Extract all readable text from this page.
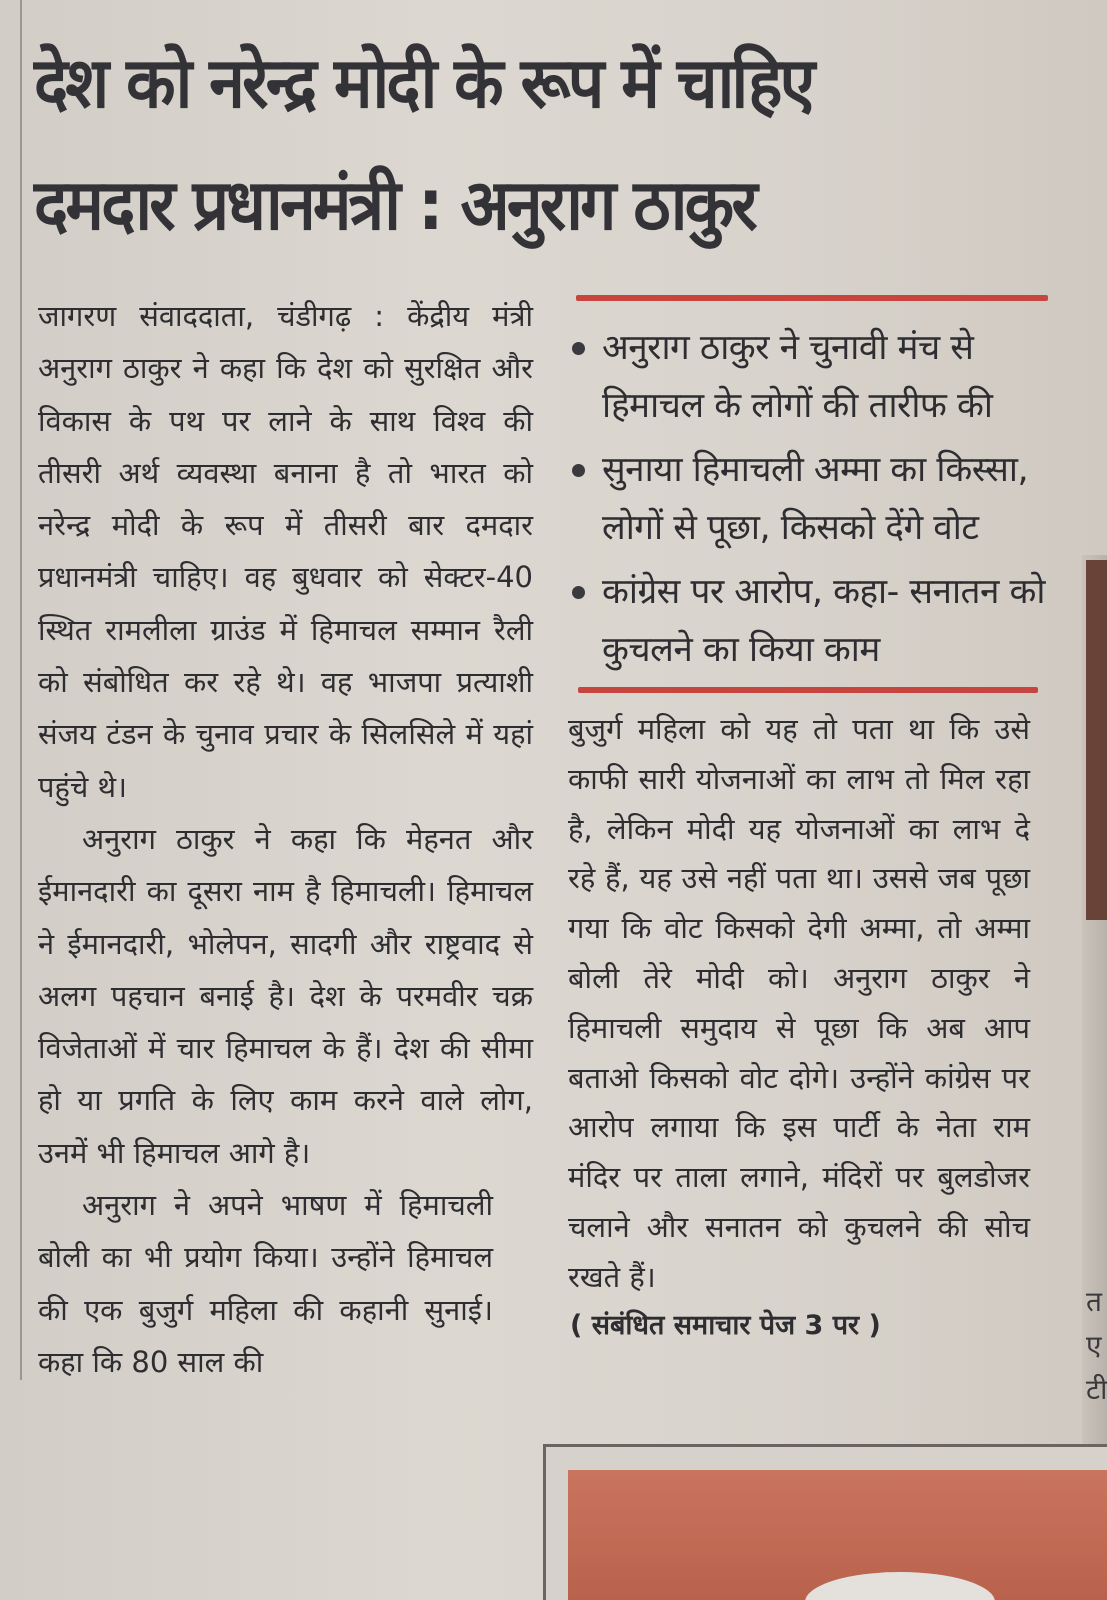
देश को नरेन्द्र मोदी के रूप में चाहिए
दमदार प्रधानमंत्री : अनुराग ठाकुर

जागरण संवाददाता, चंडीगढ़ : केंद्रीय मंत्री अनुराग ठाकुर ने कहा कि देश को सुरक्षित और विकास के पथ पर लाने के साथ विश्व की तीसरी अर्थ व्यवस्था बनाना है तो भारत को नरेन्द्र मोदी के रूप में तीसरी बार दमदार प्रधानमंत्री चाहिए। वह बुधवार को सेक्टर-40 स्थित रामलीला ग्राउंड में हिमाचल सम्मान रैली को संबोधित कर रहे थे। वह भाजपा प्रत्याशी संजय टंडन के चुनाव प्रचार के सिलसिले में यहां पहुंचे थे।

अनुराग ठाकुर ने कहा कि मेहनत और ईमानदारी का दूसरा नाम है हिमाचली। हिमाचल ने ईमानदारी, भोलेपन, सादगी और राष्ट्रवाद से अलग पहचान बनाई है। देश के परमवीर चक्र विजेताओं में चार हिमाचल के हैं। देश की सीमा हो या प्रगति के लिए काम करने वाले लोग, उनमें भी हिमाचल आगे है।

अनुराग ने अपने भाषण में हिमाचली बोली का भी प्रयोग किया। उन्होंने हिमाचल की एक बुजुर्ग महिला की कहानी सुनाई। कहा कि 80 साल की

अनुराग ठाकुर ने चुनावी मंच से हिमाचल के लोगों की तारीफ की
सुनाया हिमाचली अम्मा का किस्सा, लोगों से पूछा, किसको देंगे वोट
कांग्रेस पर आरोप, कहा- सनातन को कुचलने का किया काम

बुजुर्ग महिला को यह तो पता था कि उसे काफी सारी योजनाओं का लाभ तो मिल रहा है, लेकिन मोदी यह योजनाओं का लाभ दे रहे हैं, यह उसे नहीं पता था। उससे जब पूछा गया कि वोट किसको देगी अम्मा, तो अम्मा बोली तेरे मोदी को। अनुराग ठाकुर ने हिमाचली समुदाय से पूछा कि अब आप बताओ किसको वोट दोगे। उन्होंने कांग्रेस पर आरोप लगाया कि इस पार्टी के नेता राम मंदिर पर ताला लगाने, मंदिरों पर बुलडोजर चलाने और सनातन को कुचलने की सोच रखते हैं।

( संबंधित समाचार पेज 3 पर )
त ए टी
